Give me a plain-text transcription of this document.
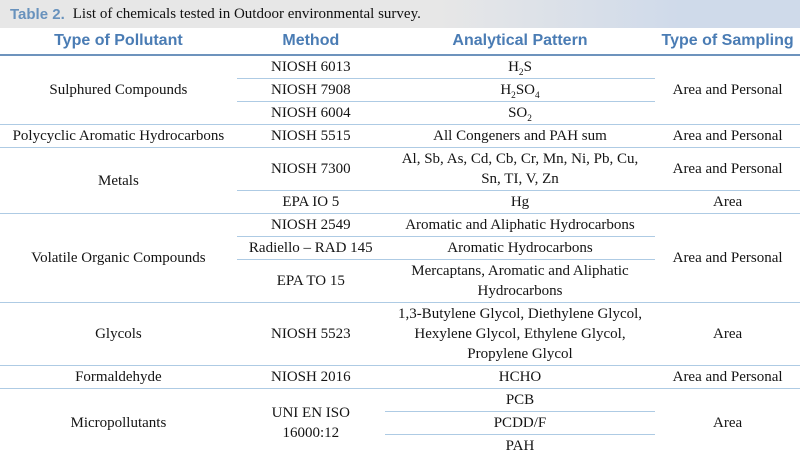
Table 2. List of chemicals tested in Outdoor environmental survey.
Type of Pollutant	Method	Analytical Pattern	Type of Sampling
Sulphured Compounds	NIOSH 6013	$H_2S$	Area and Personal
	NIOSH 7908	$H_2SO_4$
	NIOSH 6004	$SO_2$
Polycyclic Aromatic Hydrocarbons	NIOSH 5515	All Congeners and PAH sum	Area and Personal
Metals	NIOSH 7300	Al, Sb, As, Cd, Cb, Cr, Mn, Ni, Pb, Cu, Sn, TI, V, Zn	Area and Personal
	EPA IO 5	Hg	Area
Volatile Organic Compounds	NIOSH 2549	Aromatic and Aliphatic Hydrocarbons	Area and Personal
	Radiello – RAD 145	Aromatic Hydrocarbons	
	EPA TO 15	Mercaptans, Aromatic and Aliphatic Hydrocarbons	
Glycols	NIOSH 5523	1,3-Butylene Glycol, Diethylene Glycol, Hexylene Glycol, Ethylene Glycol, Propylene Glycol	Area
Formaldehyde	NIOSH 2016	HCHO	Area and Personal
Micropollutants	UNI EN ISO 16000:12	PCB	Area
		PCDD/F	
		PAH	
